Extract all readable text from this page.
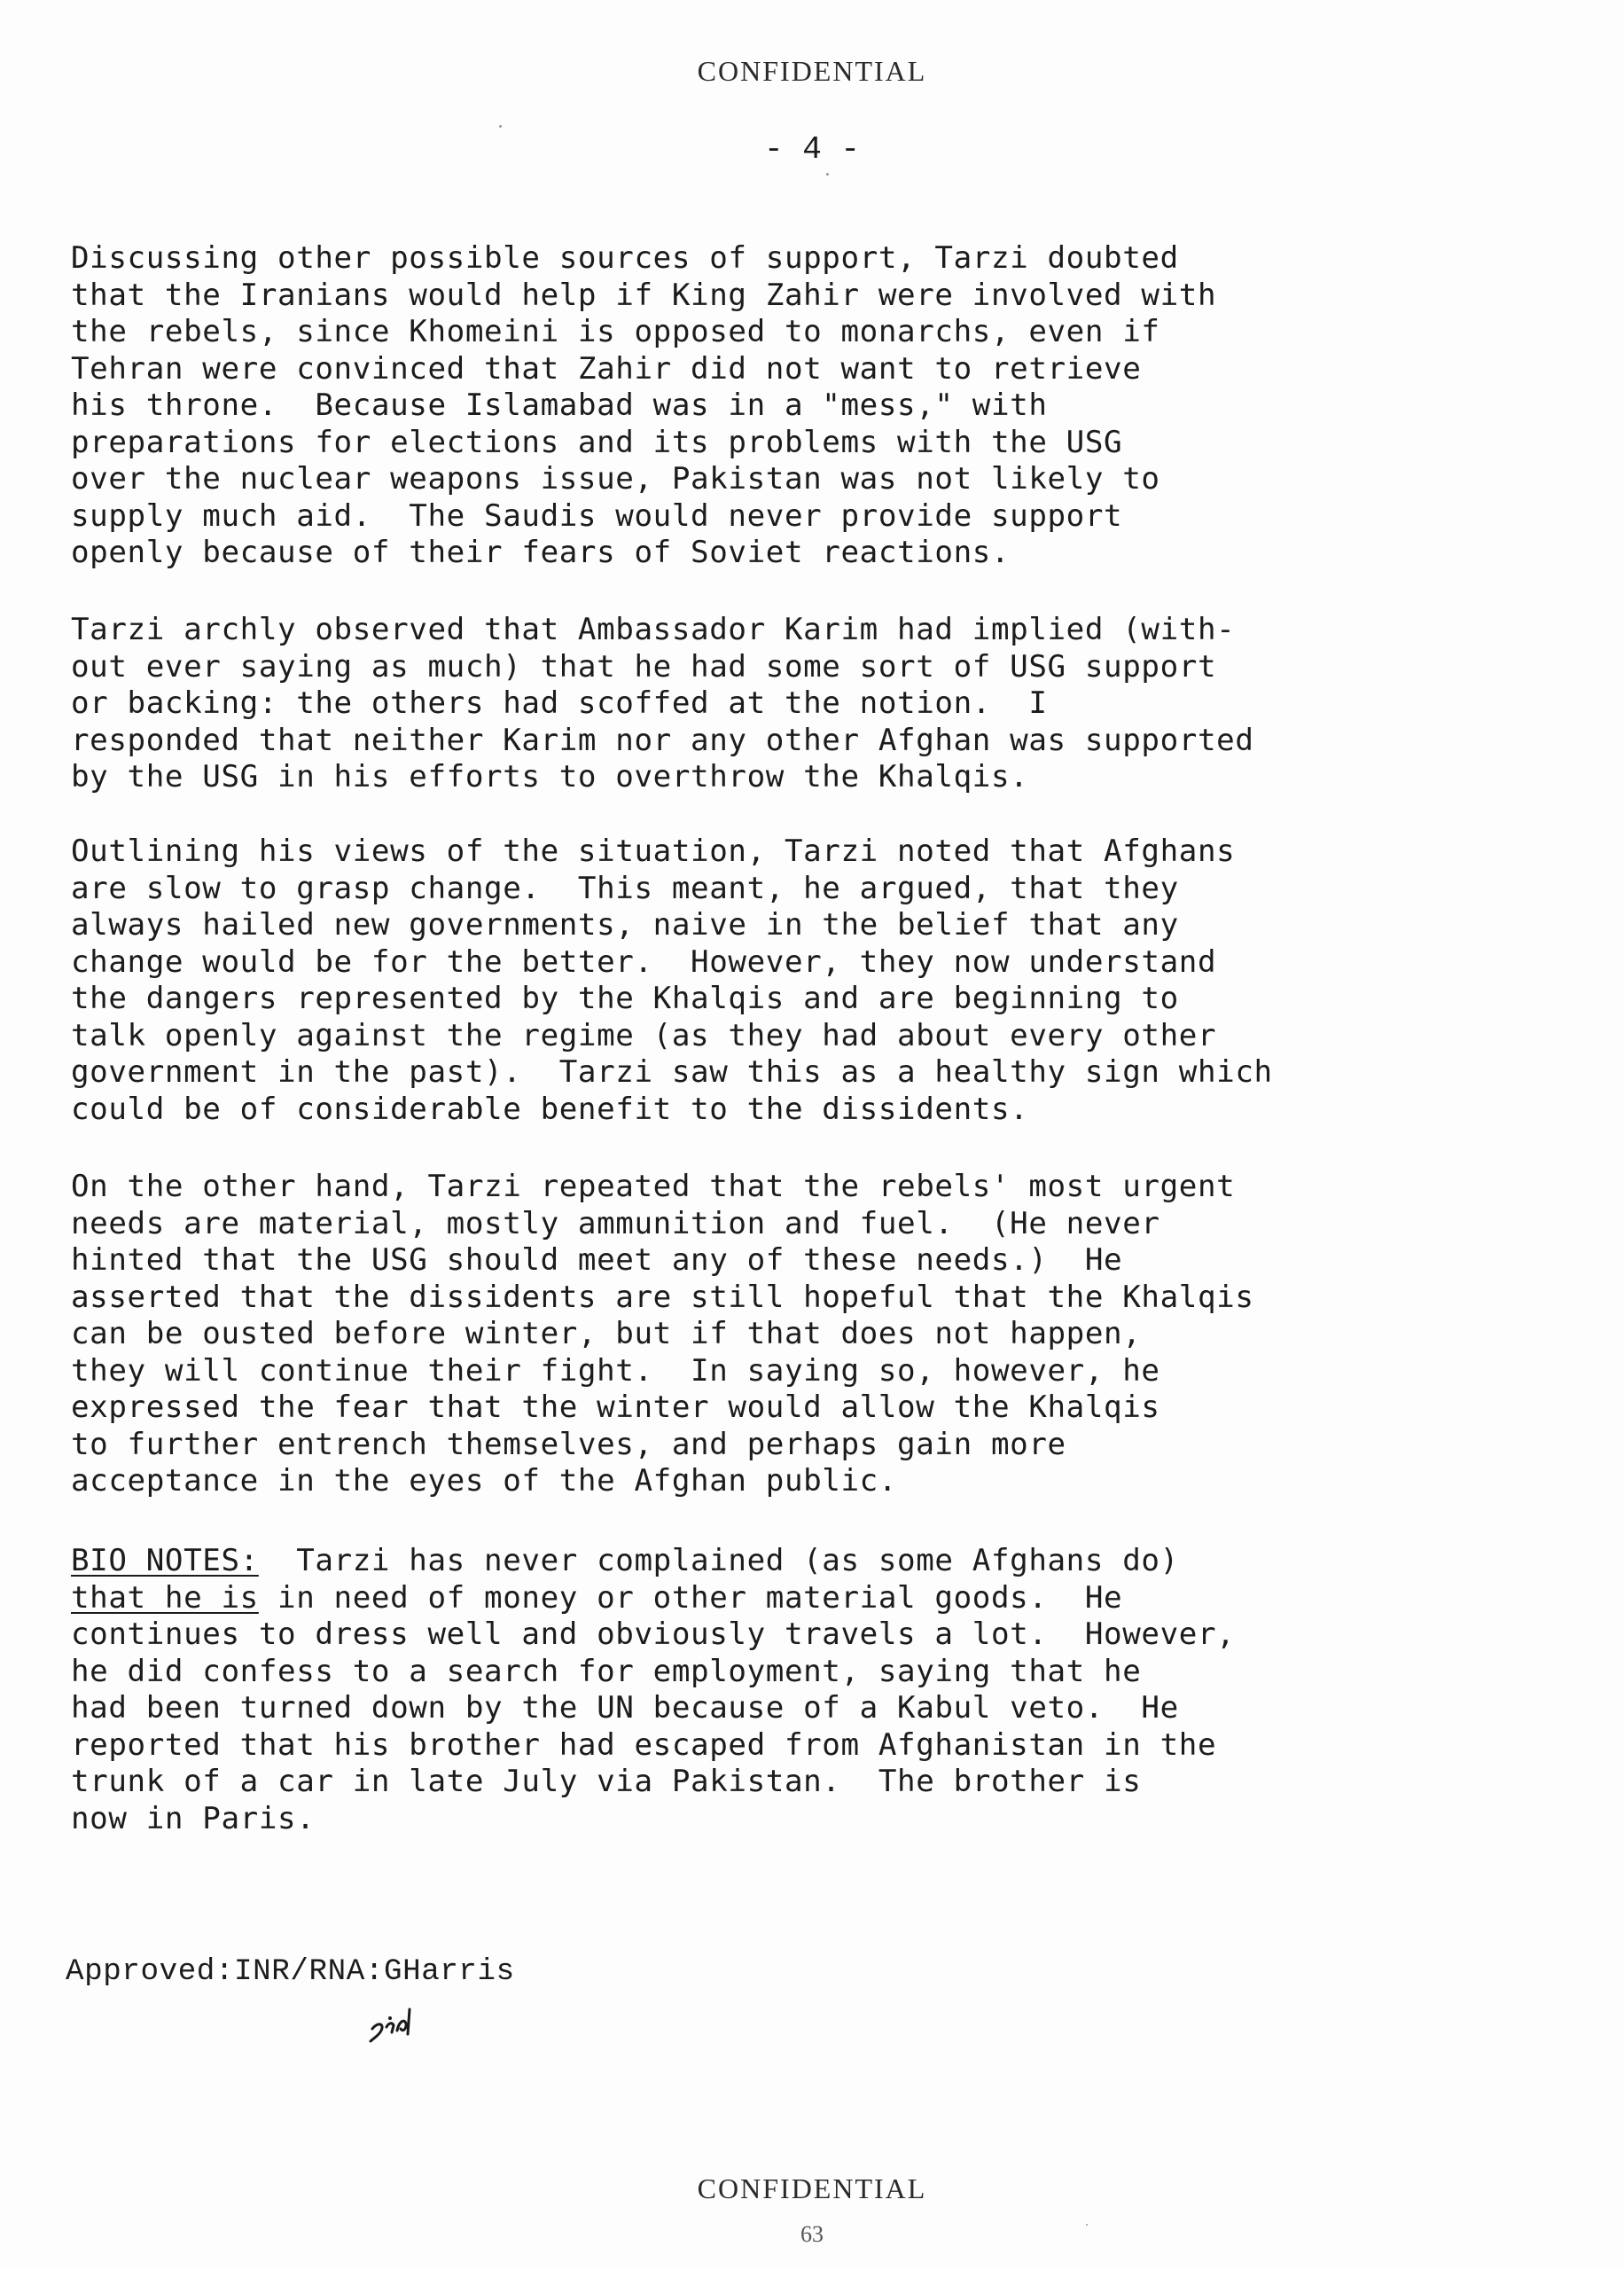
CONFIDENTIAL
- 4 -
Discussing other possible sources of support, Tarzi doubted
that the Iranians would help if King Zahir were involved with
the rebels, since Khomeini is opposed to monarchs, even if
Tehran were convinced that Zahir did not want to retrieve
his throne.  Because Islamabad was in a "mess," with
preparations for elections and its problems with the USG
over the nuclear weapons issue, Pakistan was not likely to
supply much aid.  The Saudis would never provide support
openly because of their fears of Soviet reactions.
Tarzi archly observed that Ambassador Karim had implied (with-
out ever saying as much) that he had some sort of USG support
or backing: the others had scoffed at the notion.  I
responded that neither Karim nor any other Afghan was supported
by the USG in his efforts to overthrow the Khalqis.
Outlining his views of the situation, Tarzi noted that Afghans
are slow to grasp change.  This meant, he argued, that they
always hailed new governments, naive in the belief that any
change would be for the better.  However, they now understand
the dangers represented by the Khalqis and are beginning to
talk openly against the regime (as they had about every other
government in the past).  Tarzi saw this as a healthy sign which
could be of considerable benefit to the dissidents.
On the other hand, Tarzi repeated that the rebels' most urgent
needs are material, mostly ammunition and fuel.  (He never
hinted that the USG should meet any of these needs.)  He
asserted that the dissidents are still hopeful that the Khalqis
can be ousted before winter, but if that does not happen,
they will continue their fight.  In saying so, however, he
expressed the fear that the winter would allow the Khalqis
to further entrench themselves, and perhaps gain more
acceptance in the eyes of the Afghan public.
BIO NOTES:  Tarzi has never complained (as some Afghans do)
that he is in need of money or other material goods.  He
continues to dress well and obviously travels a lot.  However,
he did confess to a search for employment, saying that he
had been turned down by the UN because of a Kabul veto.  He
reported that his brother had escaped from Afghanistan in the
trunk of a car in late July via Pakistan.  The brother is
now in Paris.
Approved:INR/RNA:GHarris
CONFIDENTIAL
63
